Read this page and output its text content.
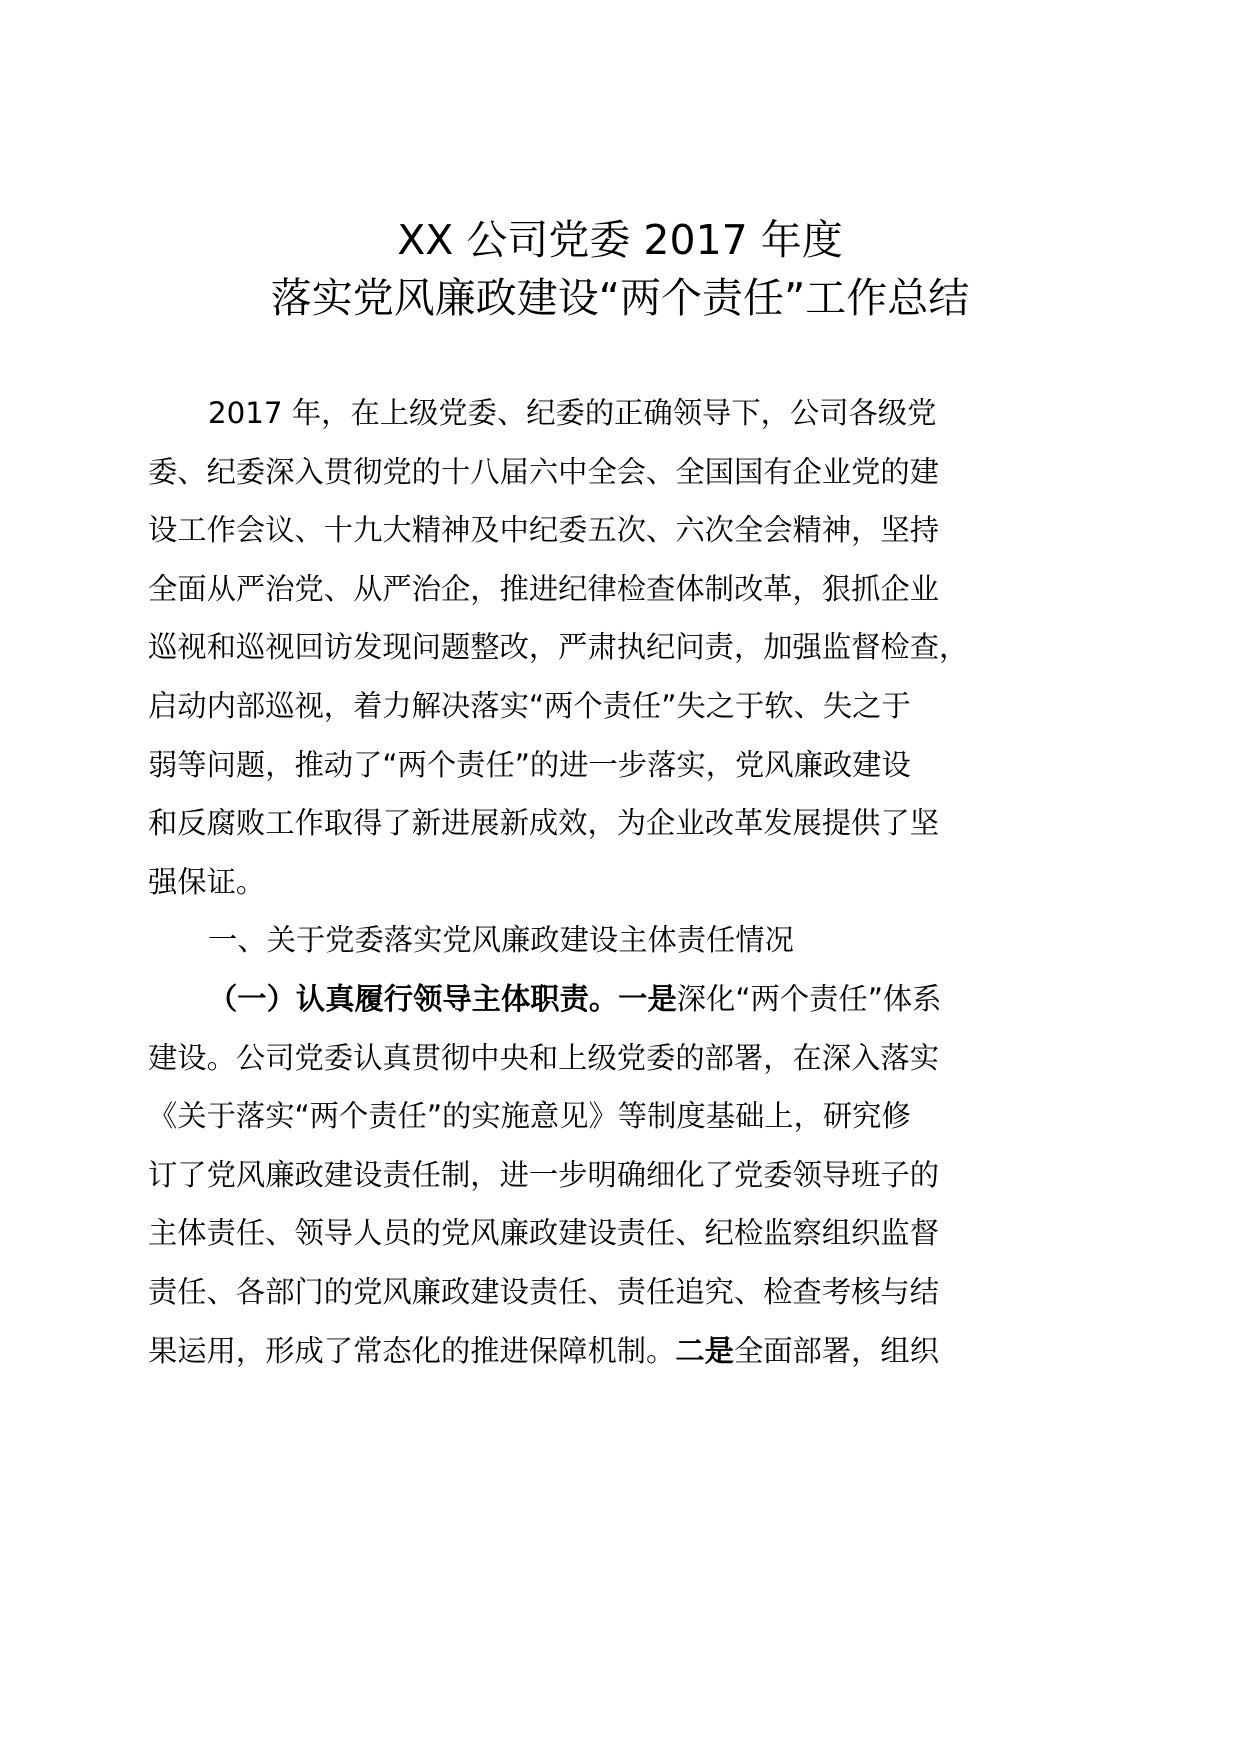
XX 公司党委 2017 年度
落实党风廉政建设“两个责任”工作总结
2017 年，在上级党委、纪委的正确领导下，公司各级党
委、纪委深入贯彻党的十八届六中全会、全国国有企业党的建
设工作会议、十九大精神及中纪委五次、六次全会精神，坚持
全面从严治党、从严治企，推进纪律检查体制改革，狠抓企业
巡视和巡视回访发现问题整改，严肃执纪问责，加强监督检查，
启动内部巡视，着力解决落实“两个责任”失之于软、失之于
弱等问题，推动了“两个责任”的进一步落实，党风廉政建设
和反腐败工作取得了新进展新成效，为企业改革发展提供了坚
强保证。
一、关于党委落实党风廉政建设主体责任情况
（一）认真履行领导主体职责。一是深化“两个责任”体系
建设。公司党委认真贯彻中央和上级党委的部署，在深入落实
《关于落实“两个责任”的实施意见》等制度基础上，研究修
订了党风廉政建设责任制，进一步明确细化了党委领导班子的
主体责任、领导人员的党风廉政建设责任、纪检监察组织监督
责任、各部门的党风廉政建设责任、责任追究、检查考核与结
果运用，形成了常态化的推进保障机制。二是全面部署，组织
